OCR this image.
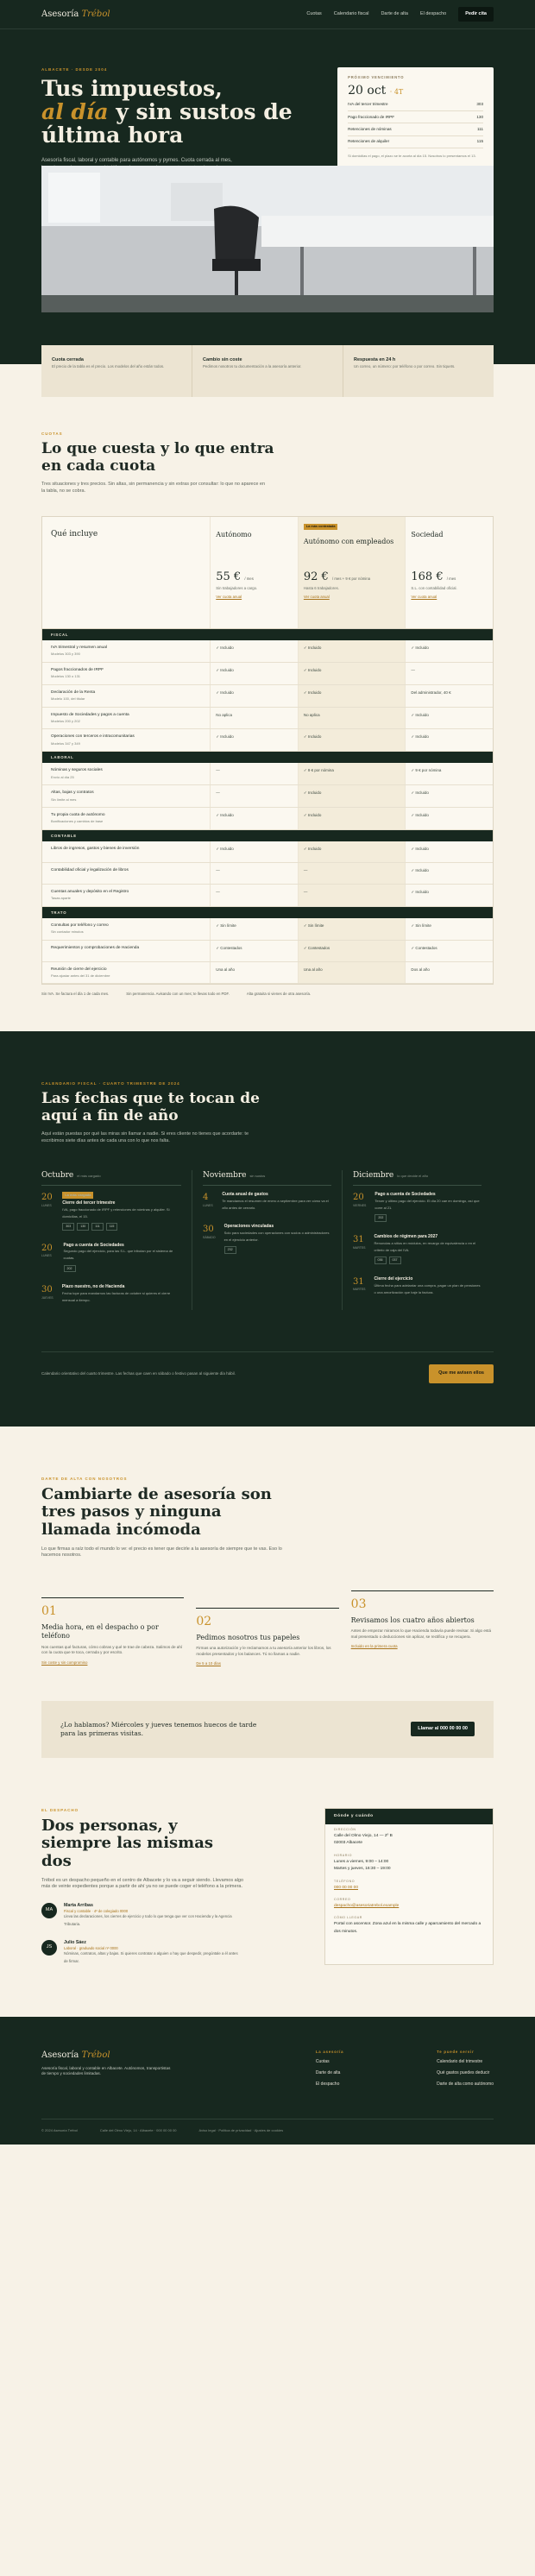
Asesoría Trébol	Cuotas	Calendario fiscal	Darte de alta	El despacho	Pedir cita
ALBACETE · DESDE 2004
Tus impuestos,
al día y sin sustos de última hora

Asesoría fiscal, laboral y contable para autónomos y pymes. Cuota cerrada al mes,

PRÓXIMO VENCIMIENTO
20 oct · 4T
IVA del tercer trimestre	303
Pago fraccionado de IRPF	130
Retenciones de nóminas	111
Retenciones de alquiler	115
Si domicilias el pago, el plazo se te acorta al día 15. Nosotros lo presentamos el 13.
Cuota cerrada
El precio de la tabla es el precio. Los modelos del año están todos.
Cambio sin coste
Pedimos nosotros tu documentación a la asesoría anterior.
Respuesta en 24 h
Un correo, un número: por teléfono o por correo. Sin tiquets.
CUOTAS
Lo que cuesta y lo que entra en cada cuota

Tres situaciones y tres precios. Sin altas, sin permanencia y sin extras por consultar: lo que no aparece en la tabla, no se cobra.

Qué incluye	Autónomo
55 € / mes
Sin trabajadores a cargo.
Ver cuota anual
La más contratada
Autónomo con empleados
92 € / mes + 9 € por nómina
Hasta 6 trabajadores.
Ver cuota anual
Sociedad
168 € / mes
S.L. con contabilidad oficial.
Ver cuota anual
FISCAL
IVA trimestral y resumen anual
Modelos 303 y 390
✓ Incluido	✓ Incluido	✓ Incluido
Pagos fraccionados de IRPF
Modelos 130 o 131
✓ Incluido	✓ Incluido	—
Declaración de la Renta
Modelo 100, del titular
✓ Incluido	✓ Incluido	Del administrador, 40 €
Impuesto de Sociedades y pagos a cuenta
Modelos 200 y 202
No aplica	No aplica	✓ Incluido
Operaciones con terceros e intracomunitarias
Modelos 347 y 349
✓ Incluido	✓ Incluido	✓ Incluido
LABORAL
Nóminas y seguros sociales
Envío al día 25
—	✓ 9 € por nómina	✓ 9 € por nómina
Altas, bajas y contratos
Sin límite al mes
—	✓ Incluido	✓ Incluido
Tu propia cuota de autónomo
Bonificaciones y cambios de base
✓ Incluido	✓ Incluido	✓ Incluido
CONTABLE
Libros de ingresos, gastos y bienes de inversión	✓ Incluido	✓ Incluido	✓ Incluido
Contabilidad oficial y legalización de libros	—	—	✓ Incluido
Cuentas anuales y depósito en el Registro
Tasas aparte
—	—	✓ Incluido
TRATO
Consultas por teléfono y correo
Sin contador minutos
✓ Sin límite	✓ Sin límite	✓ Sin límite
Requerimientos y comprobaciones de Hacienda	✓ Contestados	✓ Contestados	✓ Contestados
Reunión de cierre del ejercicio
Para ajustar antes del 31 de diciembre
Una al año	Una al año	Dos al año
Sin IVA. Se factura el día 1 de cada mes.	Sin permanencia. Avisando con un mes; te llevas todo en PDF.	Alta gratuita si vienes de otra asesoría.
CALENDARIO FISCAL · CUARTO TRIMESTRE DE 2024
Las fechas que te tocan de aquí a fin de año

Aquí están puestas por qué las miras sin llamar a nadie. Si eres cliente no tienes que acordarte: te escribimos siete días antes de cada una con lo que nos falta.

Octubre el más cargado
20
LUNES
La más cargada
Cierre del tercer trimestre
IVA, pago fraccionado de IRPF y retenciones de nóminas y alquiler. Si domicilias, el 15.
303	130	111	115
20
LUNES
Pago a cuenta de Sociedades
Segundo pago del ejercicio, para las S.L. que tributan por el sistema de cuotas.
202
30
JUEVES
Plazo nuestro, no de Hacienda
Fecha tope para mandarnos las facturas de octubre si quieres el cierre mensual a tiempo.
Noviembre sin sustos
4
LUNES
Cuota anual de gastos
Te mandamos el resumen de enero a septiembre para ver cómo va el año antes de cerrarlo.
30
SÁBADO
Operaciones vinculadas
Solo para sociedades con operaciones con socios o administradores en el ejercicio anterior.
232
Diciembre lo que decide el año
20
VIERNES
Pago a cuenta de Sociedades
Tercer y último pago del ejercicio. El día 20 cae en domingo, así que corre al 21.
202
31
MARTES
Cambios de régimen para 2027
Renuncias a sitios en módulos, en recargo de equivalencia o en el criterio de caja del IVA.
036	037
31
MARTES
Cierre del ejercicio
Última fecha para adelantar una compra, pagar un plan de pensiones o una amortización que baje la factura.
Calendario orientativo del cuarto trimestre. Las fechas que caen en sábado o festivo pasan al siguiente día hábil.	Que me avisen ellos
DARTE DE ALTA CON NOSOTROS
Cambiarte de asesoría son tres pasos y ninguna llamada incómoda

Lo que firmas a raíz todo el mundo lo ve: el precio es tener que decirle a la asesoría de siempre que te vas. Eso lo hacemos nosotros.

01
Media hora, en el despacho o por teléfono

Nos cuentas qué facturas, cómo cobras y qué te trae de cabeza. Salimos de ahí con la cuota que te toca, cerrada y por escrito.

Sin coste y sin compromiso
02
Pedimos nosotros tus papeles

Firmas una autorización y le reclamamos a tu asesoría anterior los libros, los modelos presentados y los balances. Tú no llamas a nadie.

De 5 a 10 días
03
Revisamos los cuatro años abiertos

Antes de empezar miramos lo que Hacienda todavía puede revisar. Si algo está mal presentado o deducciones sin aplicar, se rectifica y se recupera.

Incluido en la primera cuota

¿Lo hablamos? Miércoles y jueves tenemos huecos de tarde para las primeras visitas.

Llamar al 000 00 00 00
EL DESPACHO
Dos personas, y siempre las mismas dos

Trébol es un despacho pequeño en el centro de Albacete y lo va a seguir siendo. Llevamos algo más de veinte expedientes porque a partir de ahí ya no se puede coger el teléfono a la primera.

MA
Marta Arribas
Fiscal y contable · 4º de colegiado 0000
Lleva las declaraciones, los cierres de ejercicio y todo lo que tenga que ver con Hacienda y la Agencia Tributaria.
JS
Julio Sáez
Laboral · graduado social nº 0000
Nóminas, contratos, altas y bajas. Si quieres contratar a alguien o hay que despedir, pregúntale a él antes de firmar.
Dónde y cuándo
DIRECCIÓN
Calle del Olmo Viejo, 14 — 2º B
02003 Albacete
HORARIO
Lunes a viernes, 9:00 – 14:00
Martes y jueves, 16:30 – 19:00
TELÉFONO
000 00 00 00
CORREO
despacho@asesoriatrebol.example
CÓMO LLEGAR
Portal con ascensor. Zona azul en la misma calle y aparcamiento del mercado a dos minutos.
Asesoría Trébol

Asesoría fiscal, laboral y contable en Albacete. Autónomos, transportistas de tiempo y sociedades limitadas.

La asesoría
Cuotas
Darte de alta
El despacho
Te puede servir
Calendario del trimestre
Qué gastos puedes deducir
Darte de alta como autónomo
© 2024 Asesoría Trébol	Calle del Olmo Viejo, 14 · Albacete · 000 00 00 00	Aviso legal · Política de privacidad · Ajustes de cookies
